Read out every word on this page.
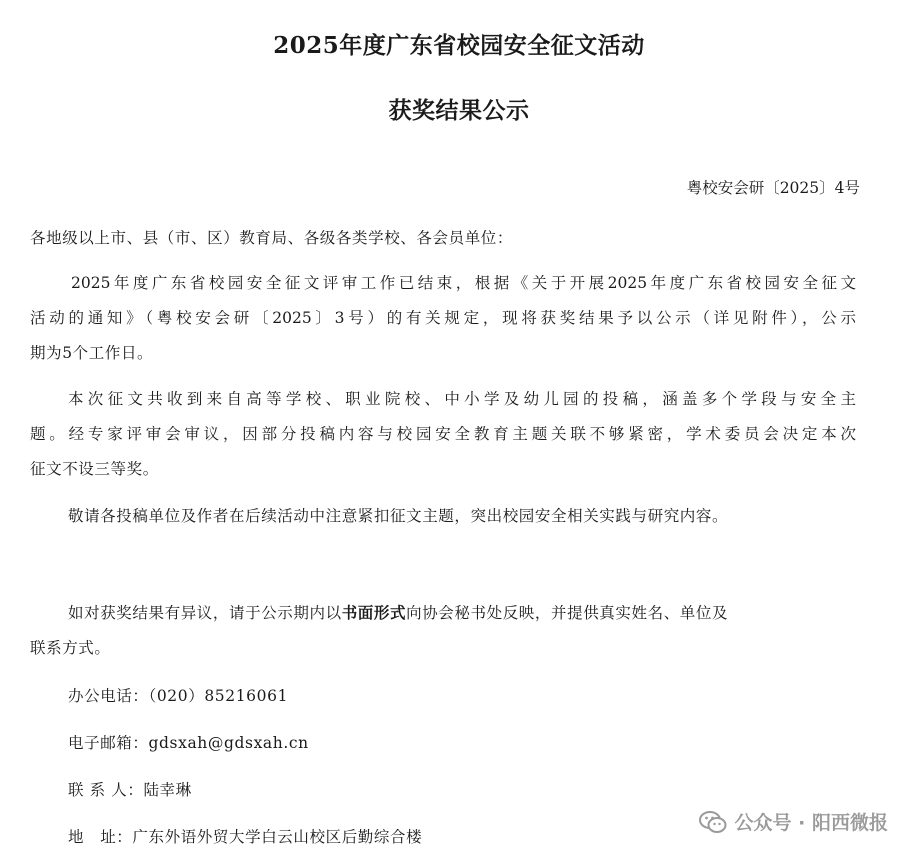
2025年度广东省校园安全征文活动
获奖结果公示
粤校安会研〔2025〕4号
各地级以上市、县（市、区）教育局、各级各类学校、各会员单位：
2025年度广东省校园安全征文评审工作已结束，根据《关于开展2025年度广东省校园安全征文
活动的通知》（粤校安会研〔2025〕3号）的有关规定，现将获奖结果予以公示（详见附件），公示
期为5个工作日。
本次征文共收到来自高等学校、职业院校、中小学及幼儿园的投稿，涵盖多个学段与安全主
题。经专家评审会审议，因部分投稿内容与校园安全教育主题关联不够紧密，学术委员会决定本次
征文不设三等奖。
敬请各投稿单位及作者在后续活动中注意紧扣征文主题，突出校园安全相关实践与研究内容。
如对获奖结果有异议，请于公示期内以书面形式向协会秘书处反映，并提供真实姓名、单位及
联系方式。
办公电话：（020）85216061
电子邮箱：gdsxah@gdsxah.cn
联 系 人：陆幸琳
地　址：广东外语外贸大学白云山校区后勤综合楼
公众号 · 阳西微报
